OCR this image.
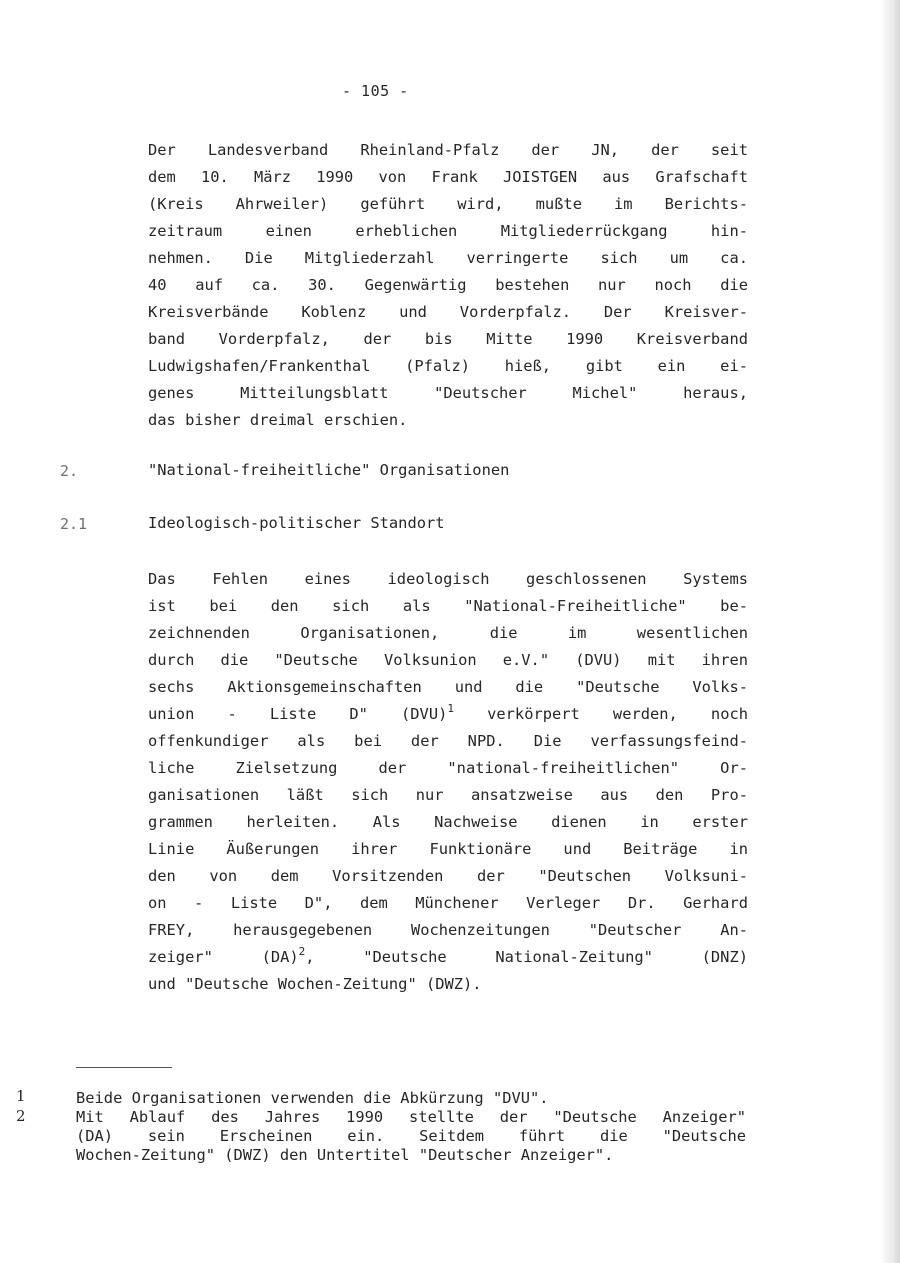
- 105 -
Der Landesverband Rheinland-Pfalz der JN, der seit
dem 10. März 1990 von Frank JOISTGEN aus Grafschaft
(Kreis Ahrweiler) geführt wird, mußte im Berichts-
zeitraum einen erheblichen Mitgliederrückgang hin-
nehmen. Die Mitgliederzahl verringerte sich um ca.
40 auf ca. 30. Gegenwärtig bestehen nur noch die
Kreisverbände Koblenz und Vorderpfalz. Der Kreisver-
band Vorderpfalz, der bis Mitte 1990 Kreisverband
Ludwigshafen/Frankenthal (Pfalz) hieß, gibt ein ei-
genes Mitteilungsblatt "Deutscher Michel" heraus,
das bisher dreimal erschien.
2.	"National-freiheitliche" Organisationen
2.1	Ideologisch-politischer Standort
Das Fehlen eines ideologisch geschlossenen Systems
ist bei den sich als "National-Freiheitliche" be-
zeichnenden Organisationen, die im wesentlichen
durch die "Deutsche Volksunion e.V." (DVU) mit ihren
sechs Aktionsgemeinschaften und die "Deutsche Volks-
union - Liste D" (DVU)$^1$ verkörpert werden, noch
offenkundiger als bei der NPD. Die verfassungsfeind-
liche Zielsetzung der "national-freiheitlichen" Or-
ganisationen läßt sich nur ansatzweise aus den Pro-
grammen herleiten. Als Nachweise dienen in erster
Linie Äußerungen ihrer Funktionäre und Beiträge in
den von dem Vorsitzenden der "Deutschen Volksuni-
on - Liste D", dem Münchener Verleger Dr. Gerhard
FREY, herausgegebenen Wochenzeitungen "Deutscher An-
zeiger" (DA)$^2$, "Deutsche National-Zeitung" (DNZ)
und "Deutsche Wochen-Zeitung" (DWZ).
1	Beide Organisationen verwenden die Abkürzung "DVU".
2	Mit Ablauf des Jahres 1990 stellte der "Deutsche Anzeiger"
(DA) sein Erscheinen ein. Seitdem führt die "Deutsche
Wochen-Zeitung" (DWZ) den Untertitel "Deutscher Anzeiger".
